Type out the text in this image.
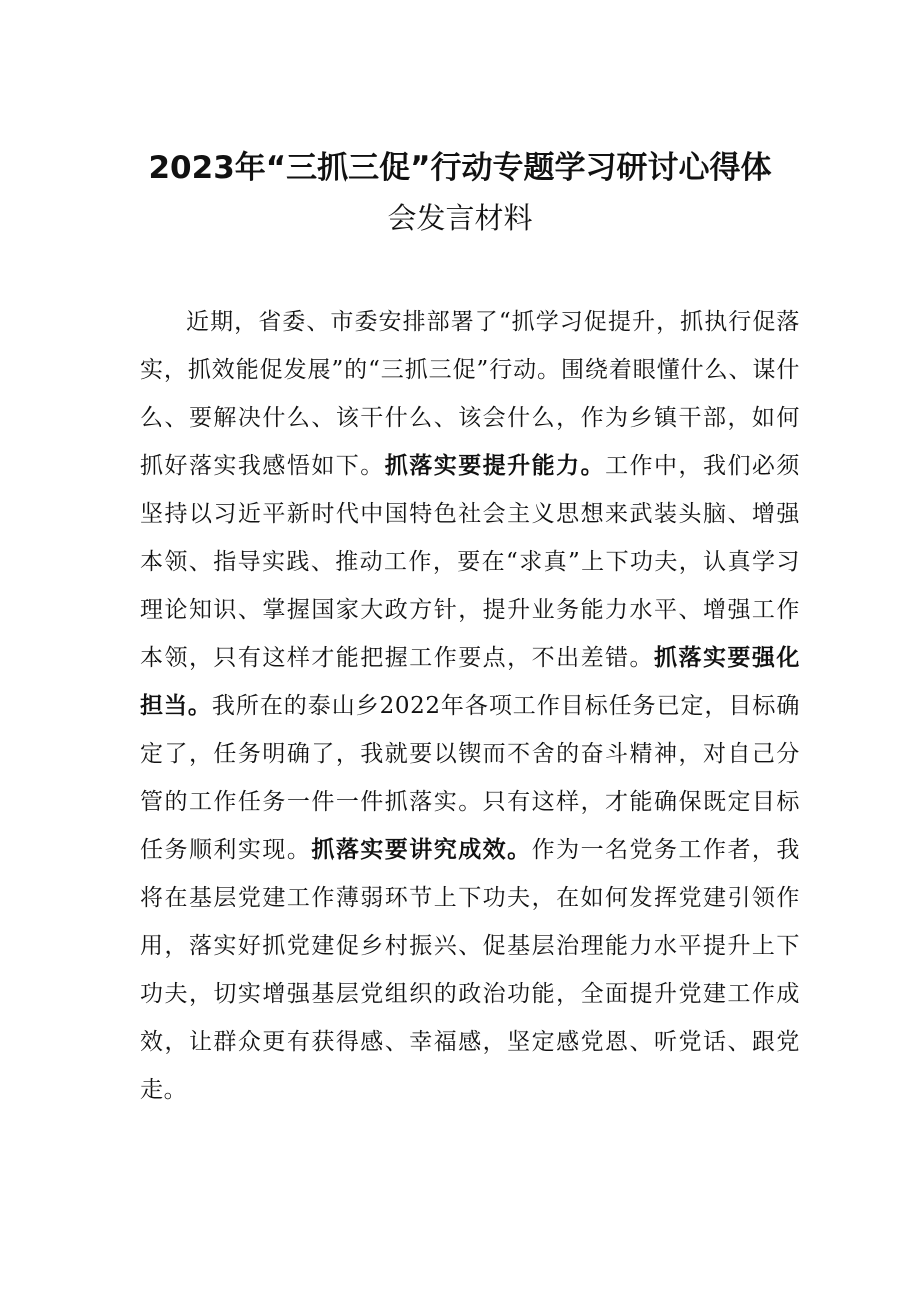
2023年“三抓三促”行动专题学习研讨心得体
会发言材料

近期，省委、市委安排部署了“抓学习促提升，抓执行促落实，抓效能促发展”的“三抓三促”行动。围绕着眼懂什么、谋什么、要解决什么、该干什么、该会什么，作为乡镇干部，如何抓好落实我感悟如下。抓落实要提升能力。工作中，我们必须坚持以习近平新时代中国特色社会主义思想来武装头脑、增强本领、指导实践、推动工作，要在“求真”上下功夫，认真学习理论知识、掌握国家大政方针，提升业务能力水平、增强工作本领，只有这样才能把握工作要点，不出差错。抓落实要强化担当。我所在的泰山乡2022年各项工作目标任务已定，目标确定了，任务明确了，我就要以锲而不舍的奋斗精神，对自己分管的工作任务一件一件抓落实。只有这样，才能确保既定目标任务顺利实现。抓落实要讲究成效。作为一名党务工作者，我将在基层党建工作薄弱环节上下功夫，在如何发挥党建引领作用，落实好抓党建促乡村振兴、促基层治理能力水平提升上下功夫，切实增强基层党组织的政治功能，全面提升党建工作成效，让群众更有获得感、幸福感，坚定感党恩、听党话、跟党走。
